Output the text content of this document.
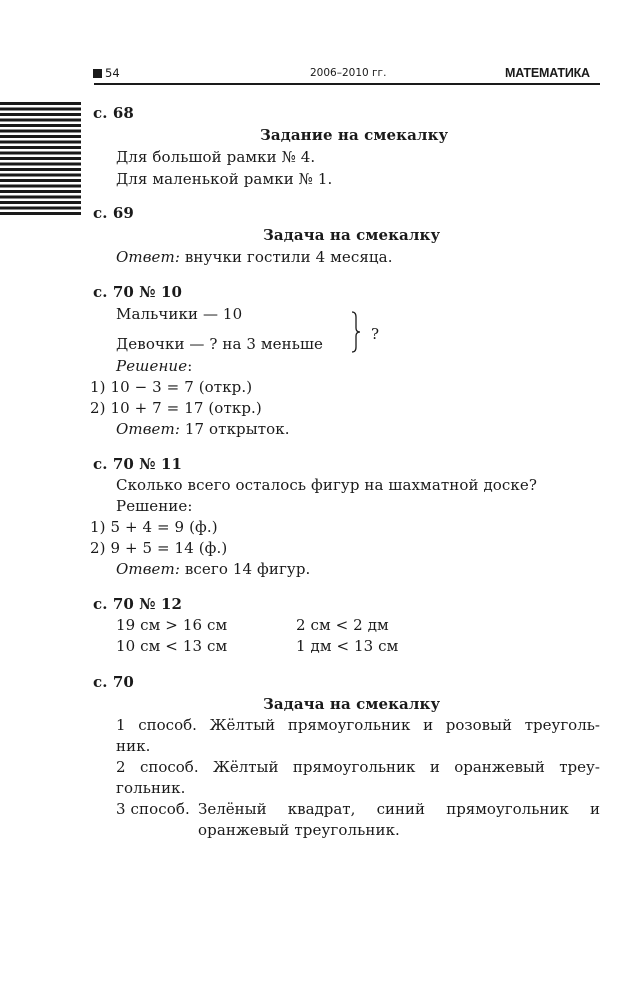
54	2006–2010 гг.	МАТЕМАТИКА
с. 68
Задание на смекалку
Для большой рамки № 4.
Для маленькой рамки № 1.
с. 69
Задача на смекалку
Ответ: внучки гостили 4 месяца.
с. 70 № 10
Мальчики — 10
Девочки — ? на 3 меньше
?
Решение:
1) 10 − 3 = 7 (откр.)
2) 10 + 7 = 17 (откр.)
Ответ: 17 открыток.
с. 70 № 11
Сколько всего осталось фигур на шахматной доске?
Решение:
1) 5 + 4 = 9 (ф.)
2) 9 + 5 = 14 (ф.)
Ответ: всего 14 фигур.
с. 70 № 12
19 см > 16 см	2 см < 2 дм
10 см < 13 см	1 дм < 13 см
с. 70
Задача на смекалку
1 способ. Жёлтый прямоугольник и розовый треуголь-
ник.
2 способ. Жёлтый прямоугольник и оранжевый треу-
гольник.
3 способ. Зелёный квадрат, синий прямоугольник и
оранжевый треугольник.
